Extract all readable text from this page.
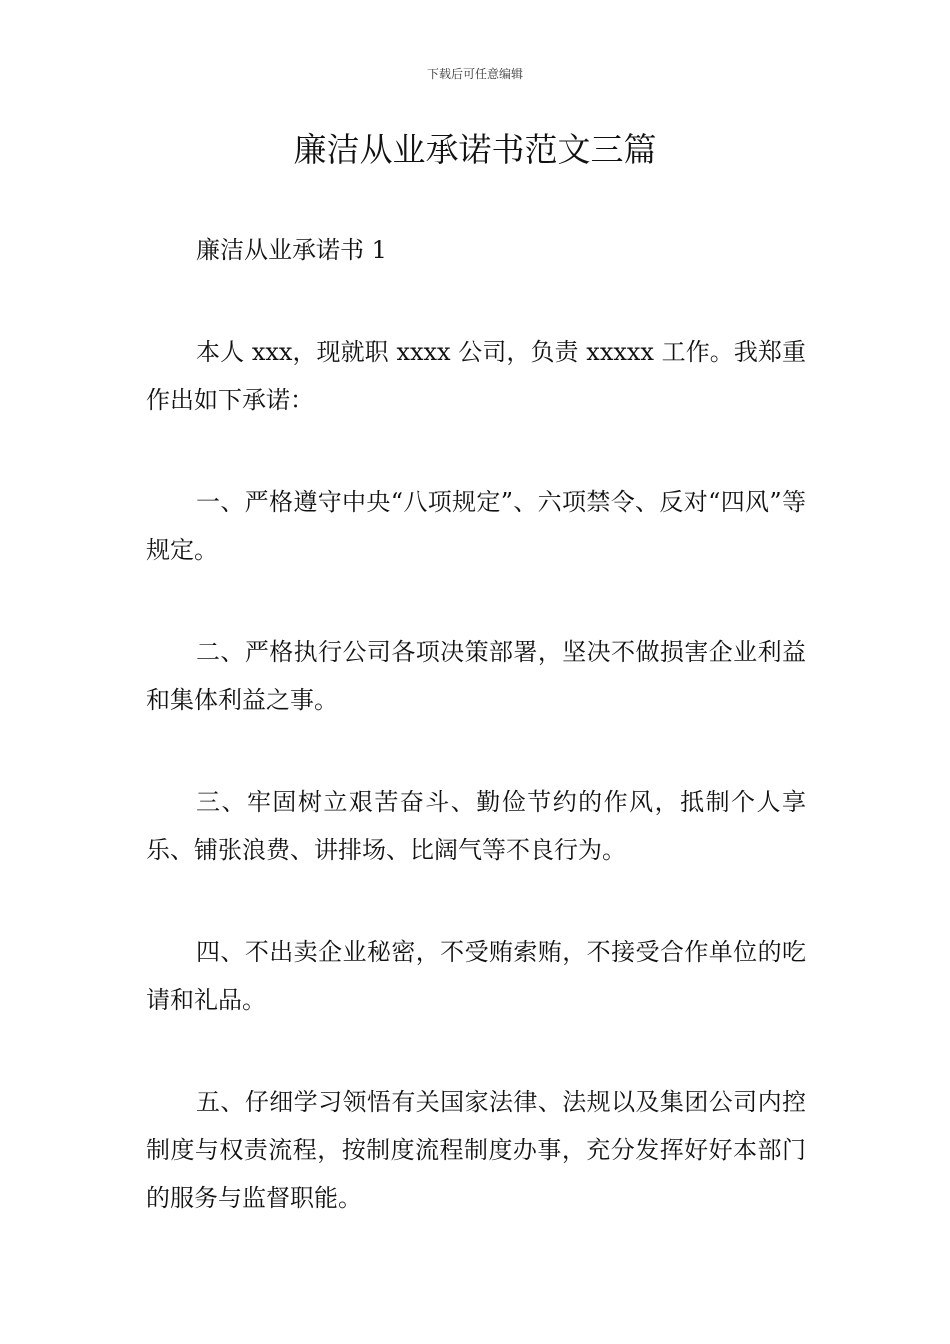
下载后可任意编辑
廉洁从业承诺书范文三篇

廉洁从业承诺书 1

本人 xxx，现就职 xxxx 公司，负责 xxxxx 工作。我郑重作出如下承诺：

一、严格遵守中央“八项规定”、六项禁令、反对“四风”等规定。

二、严格执行公司各项决策部署，坚决不做损害企业利益和集体利益之事。

三、牢固树立艰苦奋斗、勤俭节约的作风，抵制个人享乐、铺张浪费、讲排场、比阔气等不良行为。

四、不出卖企业秘密，不受贿索贿，不接受合作单位的吃请和礼品。

五、仔细学习领悟有关国家法律、法规以及集团公司内控制度与权责流程，按制度流程制度办事，充分发挥好好本部门的服务与监督职能。
